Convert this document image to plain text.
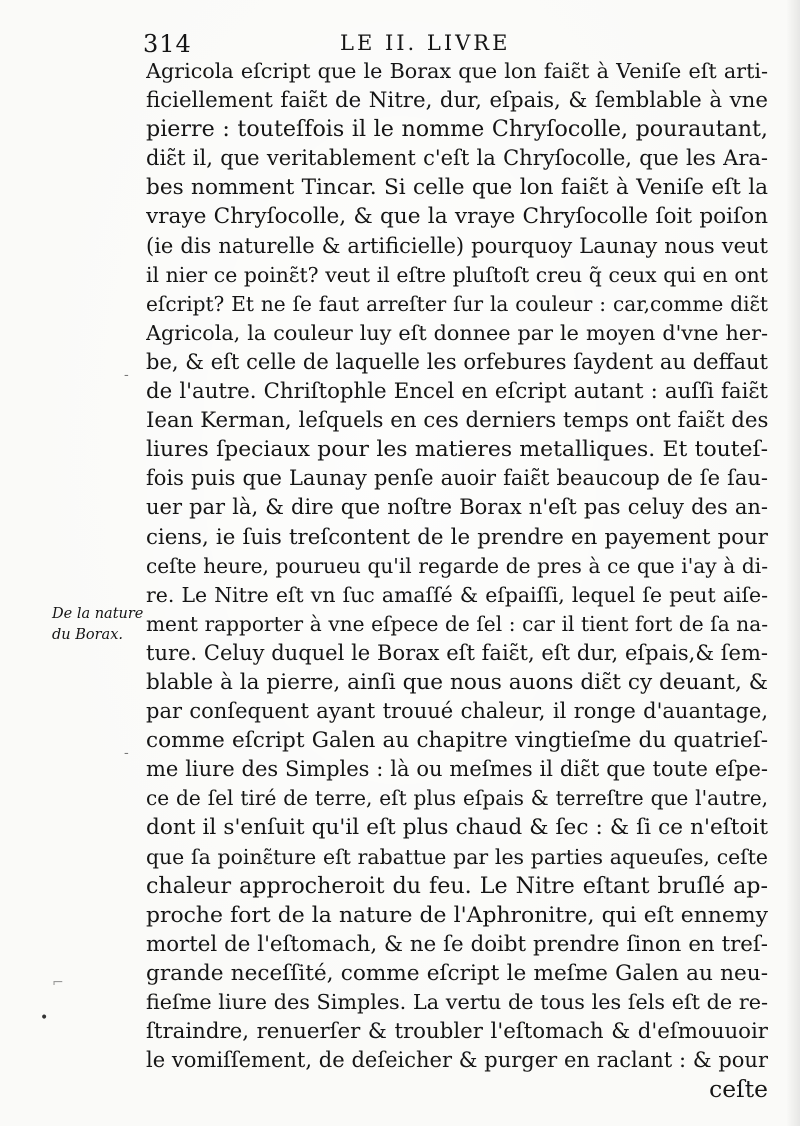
314	LE II. LIVRE
De la nature
du Borax.
Agricola eſcript que le Borax que lon faiɛ̃t à Veniſe eſt arti-
ficiellement faiɛ̃t de Nitre, dur, eſpais, & ſemblable à vne
pierre : touteſfois il le nomme Chryſocolle, pourautant,
diɛ̃t il, que veritablement c'eſt la Chryſocolle, que les Ara-
bes nomment Tincar. Si celle que lon faiɛ̃t à Veniſe eſt la
vraye Chryſocolle, & que la vraye Chryſocolle ſoit poiſon
(ie dis naturelle & artificielle) pourquoy Launay nous veut
il nier ce poinɛ̃t? veut il eſtre pluſtoſt creu q̃ ceux qui en ont
eſcript? Et ne ſe faut arreſter ſur la couleur : car,comme diɛ̃t
Agricola, la couleur luy eſt donnee par le moyen d'vne her-
be, & eſt celle de laquelle les orfebures ſaydent au deffaut
de l'autre. Chriſtophle Encel en eſcript autant : auſſi faiɛ̃t
Iean Kerman, leſquels en ces derniers temps ont faiɛ̃t des
liures ſpeciaux pour les matieres metalliques. Et touteſ-
fois puis que Launay penſe auoir faiɛ̃t beaucoup de ſe ſau-
uer par là, & dire que noſtre Borax n'eſt pas celuy des an-
ciens, ie ſuis treſcontent de le prendre en payement pour
ceſte heure, pourueu qu'il regarde de pres à ce que i'ay à di-
re. Le Nitre eſt vn ſuc amaſſé & eſpaiſſi, lequel ſe peut aiſe-
ment rapporter à vne eſpece de ſel : car il tient fort de ſa na-
ture. Celuy duquel le Borax eſt faiɛ̃t, eſt dur, eſpais,& ſem-
blable à la pierre, ainſi que nous auons diɛ̃t cy deuant, &
par conſequent ayant trouué chaleur, il ronge d'auantage,
comme eſcript Galen au chapitre vingtieſme du quatrieſ-
me liure des Simples : là ou meſmes il diɛ̃t que toute eſpe-
ce de ſel tiré de terre, eſt plus eſpais & terreſtre que l'autre,
dont il s'enſuit qu'il eſt plus chaud & ſec : & ſi ce n'eſtoit
que ſa poinɛ̃ture eſt rabattue par les parties aqueuſes, ceſte
chaleur approcheroit du feu. Le Nitre eſtant bruſlé ap-
proche fort de la nature de l'Aphronitre, qui eſt ennemy
mortel de l'eſtomach, & ne ſe doibt prendre ſinon en treſ-
grande neceſſité, comme eſcript le meſme Galen au neu-
fieſme liure des Simples. La vertu de tous les ſels eſt de re-
ſtraindre, renuerſer & troubler l'eſtomach & d'eſmouuoir
le vomiſſement, de deſeicher & purger en raclant : & pour
ceſte
-
-
•
⌐
